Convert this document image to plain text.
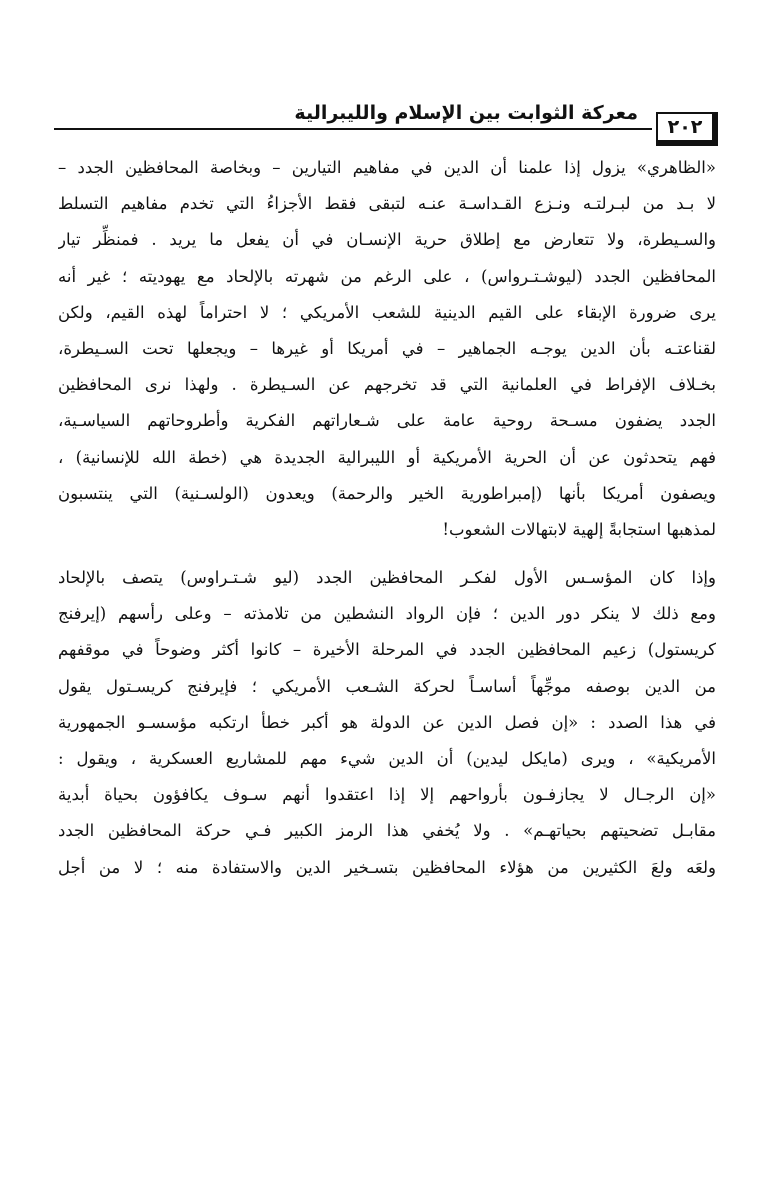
معركة الثوابت بين الإسلام والليبرالية
٢٠٢
«الظاهري» يزول إذا علمنا أن الدين في مفاهيم التيارين – وبخاصة المحافظين الجدد –
لا بـد من لبـرلتـه ونـزع القـداسـة عنـه لتبقى فقط الأجزاءُ التي تخدم مفاهيم التسلط
والسـيطرة، ولا تتعارض مع إطلاق حرية الإنسـان في أن يفعل ما يريد . فمنظِّر تيار
المحافظين الجدد (ليوشـتـرواس) ، على الرغم من شهرته بالإلحاد مع يهوديته ؛ غير أنه
يرى ضرورة الإبقاء على القيم الدينية للشعب الأمريكي ؛ لا احتراماً لهذه القيم، ولكن
لقناعتـه بأن الدين يوجـه الجماهير – في أمريكا أو غيرها – ويجعلها تحت السـيطرة،
بخـلاف الإفراط في العلمانية التي قد تخرجهم عن السـيطرة . ولهذا نرى المحافظين
الجدد يضفون مسـحة روحية عامة على شـعاراتهم الفكرية وأطروحاتهم السياسـية،
فهم يتحدثون عن أن الحرية الأمريكية أو الليبرالية الجديدة هي (خطة الله للإنسانية) ،
ويصفون أمريكا بأنها (إمبراطورية الخير والرحمة) ويعدون (الولسـنية) التي ينتسبون
لمذهبها استجابةً إلهية لابتهالات الشعوب!
وإذا كان المؤسـس الأول لفكـر المحافظين الجدد (ليو شـتـراوس) يتصف بالإلحاد
ومع ذلك لا ينكر دور الدين ؛ فإن الرواد النشطين من تلامذته – وعلى رأسهم (إيرفنج
كريستول) زعيم المحافظين الجدد في المرحلة الأخيرة – كانوا أكثر وضوحاً في موقفهم
من الدين بوصفه موجِّهاً أساسـاً لحركة الشـعب الأمريكي ؛ فإيرفنج كريسـتول يقول
في هذا الصدد : «إن فصل الدين عن الدولة هو أكبر خطأ ارتكبه مؤسسـو الجمهورية
الأمريكية» ، ويرى (مايكل ليدين) أن الدين شيء مهم للمشاريع العسكرية ، ويقول :
«إن الرجـال لا يجازفـون بأرواحهم إلا إذا اعتقدوا أنهم سـوف يكافؤون بحياة أبدية
مقابـل تضحيتهم بحياتهـم» . ولا يُخفي هذا الرمز الكبير فـي حركة المحافظين الجدد
ولعَه ولعَ الكثيرين من هؤلاء المحافظين بتسـخير الدين والاستفادة منه ؛ لا من أجل
